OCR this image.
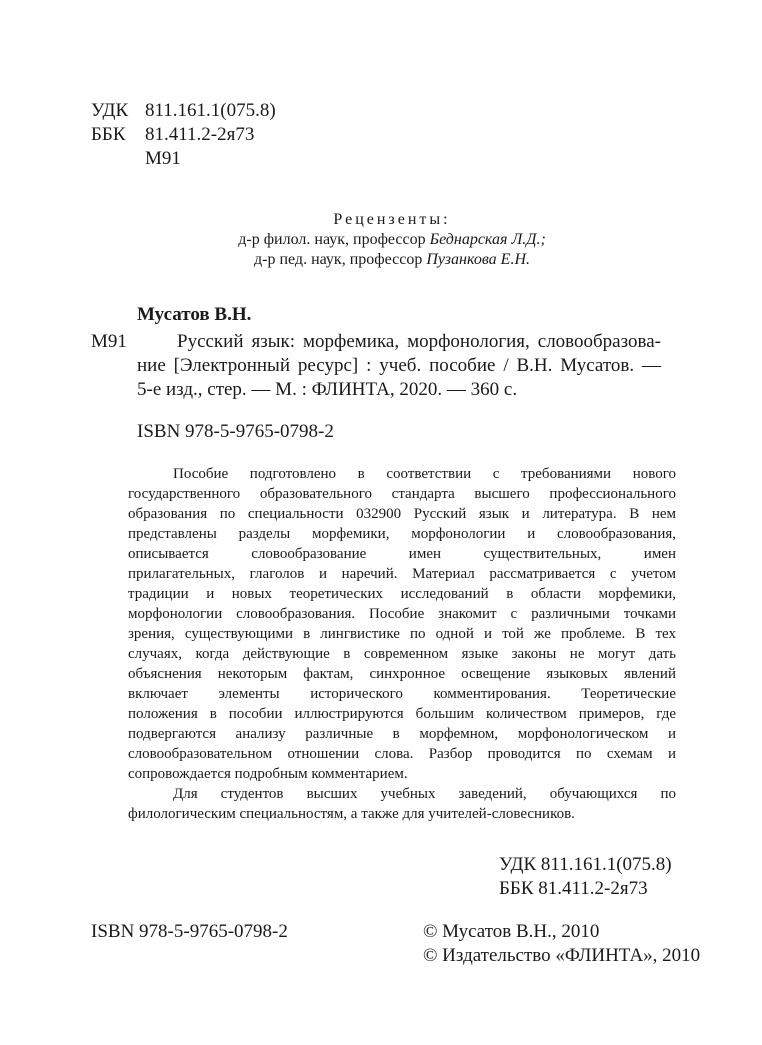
УДК 811.161.1(075.8)
ББК 81.411.2-2я73
М91
Рецензенты:
д-р филол. наук, профессор Беднарская Л.Д.;
д-р пед. наук, профессор Пузанкова Е.Н.
Мусатов В.Н.
М91	Русский язык: морфемика, морфонология, словообразова-
ние [Электронный ресурс] : учеб. пособие / В.Н. Мусатов. —
5-е изд., стер. — М. : ФЛИНТА, 2020. — 360 с.
ISBN 978-5-9765-0798-2
Пособие подготовлено в соответствии с требованиями нового
государственного образовательного стандарта высшего профессионального
образования по специальности 032900 Русский язык и литература. В нем
представлены разделы морфемики, морфонологии и словообразования,
описывается словообразование имен существительных, имен
прилагательных, глаголов и наречий. Материал рассматривается с учетом
традиции и новых теоретических исследований в области морфемики,
морфонологии словообразования. Пособие знакомит с различными точками
зрения, существующими в лингвистике по одной и той же проблеме. В тех
случаях, когда действующие в современном языке законы не могут дать
объяснения некоторым фактам, синхронное освещение языковых явлений
включает элементы исторического комментирования. Теоретические
положения в пособии иллюстрируются большим количеством примеров, где
подвергаются анализу различные в морфемном, морфонологическом и
словообразовательном отношении слова. Разбор проводится по схемам и
сопровождается подробным комментарием.
Для студентов высших учебных заведений, обучающихся по
филологическим специальностям, а также для учителей-словесников.
УДК 811.161.1(075.8)
ББК 81.411.2-2я73
ISBN 978-5-9765-0798-2	© Мусатов В.Н., 2010
© Издательство «ФЛИНТА», 2010
